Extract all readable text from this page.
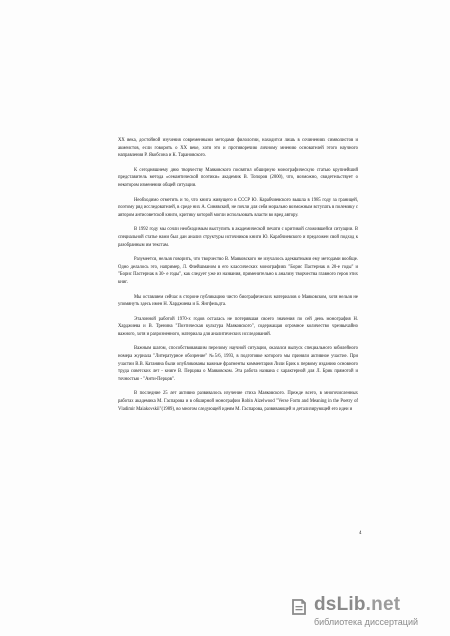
XX века, достойной изучения современными методами филологии, находится лишь в сочинениях символистов и акмеистов, если говорить о XX веке, хотя это и противоречию личному мнению основателей этого научного направления Р. Якобсона и К. Тарановского.

К сегодняшнему дню творчеству Маяковского посвятил обширную монографическую статью крупнейший представитель метода «семантической поэтики» академик В. Топоров (2000), что, возможно, свидетельствует о некотором изменении общей ситуации.

Необходимо отметить и то, что книга живущего в СССР Ю. Карабчиевского вышла в 1985 году за границей, поэтому ряд исследователей, в среде них А. Синявский, не почли для себя морально возможным вступать в полемику с автором антисоветской книги, критику которой могли использовать власти во вред автору.

В 1992 году мы сочли необходимым выступить в академической печати с критикой сложившейся ситуации. В специальной статье нами был дан анализ структуры источников книги Ю. Карабчиевского и предложен свой подход к разобранным им текстам.

Разумеется, нельзя говорить, что творчество В. Маяковского не изучалось адекватными ему методами вообще. Одно делалось это, например, Л. Флейшманом в его классических монографиях "Борис Пастернак в 20-е годы" и "Борис Пастернак в 30- е годы", как следует уже из названия, применительно к анализу творчества главного героя этих книг.

Мы оставляем сейчас в стороне публикацию чисто биографических материалов о Маяковском, хотя нельзя не упомянуть здесь имен Н. Харджиева и Б. Янгфельдта.

Эталонной работой 1970-х годов осталась не потерявшая своего значения по сей день монография Н. Харджиева и В. Тренина "Поэтическая культура Маяковского", содержащая огромное количество чрезвычайно важного, хотя и разрозненного, материала для аналитических исследований.

Важным шагом, способствовавшим перелому научной ситуации, оказался выпуск специального юбилейного номера журнала "Литературное обозрение" №5/6, 1993, в подготовке которого мы приняли активное участие. При участии В.В. Катаняна были опубликованы важные фрагменты комментария Лили Брик к первому изданию основного труда советских лет - книге В. Перцова о Маяковском. Эта работа названа с характерной для Л. Брик прямотой и точностью - "Анти-Перцов".

В последние 25 лет активно развивалось изучение стиха Маяковского. Прежде всего, в многочисленных работах академика М. Гаспарова и в обширной монографии Robin Aizelwood "Verse Form and Meaning in the Poetry of Vladimir Maiakovskii"(1989), во многом следующей идеям М. Гаспарова, развивающей и детализирующей его идеи и

4
dsLib.net
библиотека диссертаций
